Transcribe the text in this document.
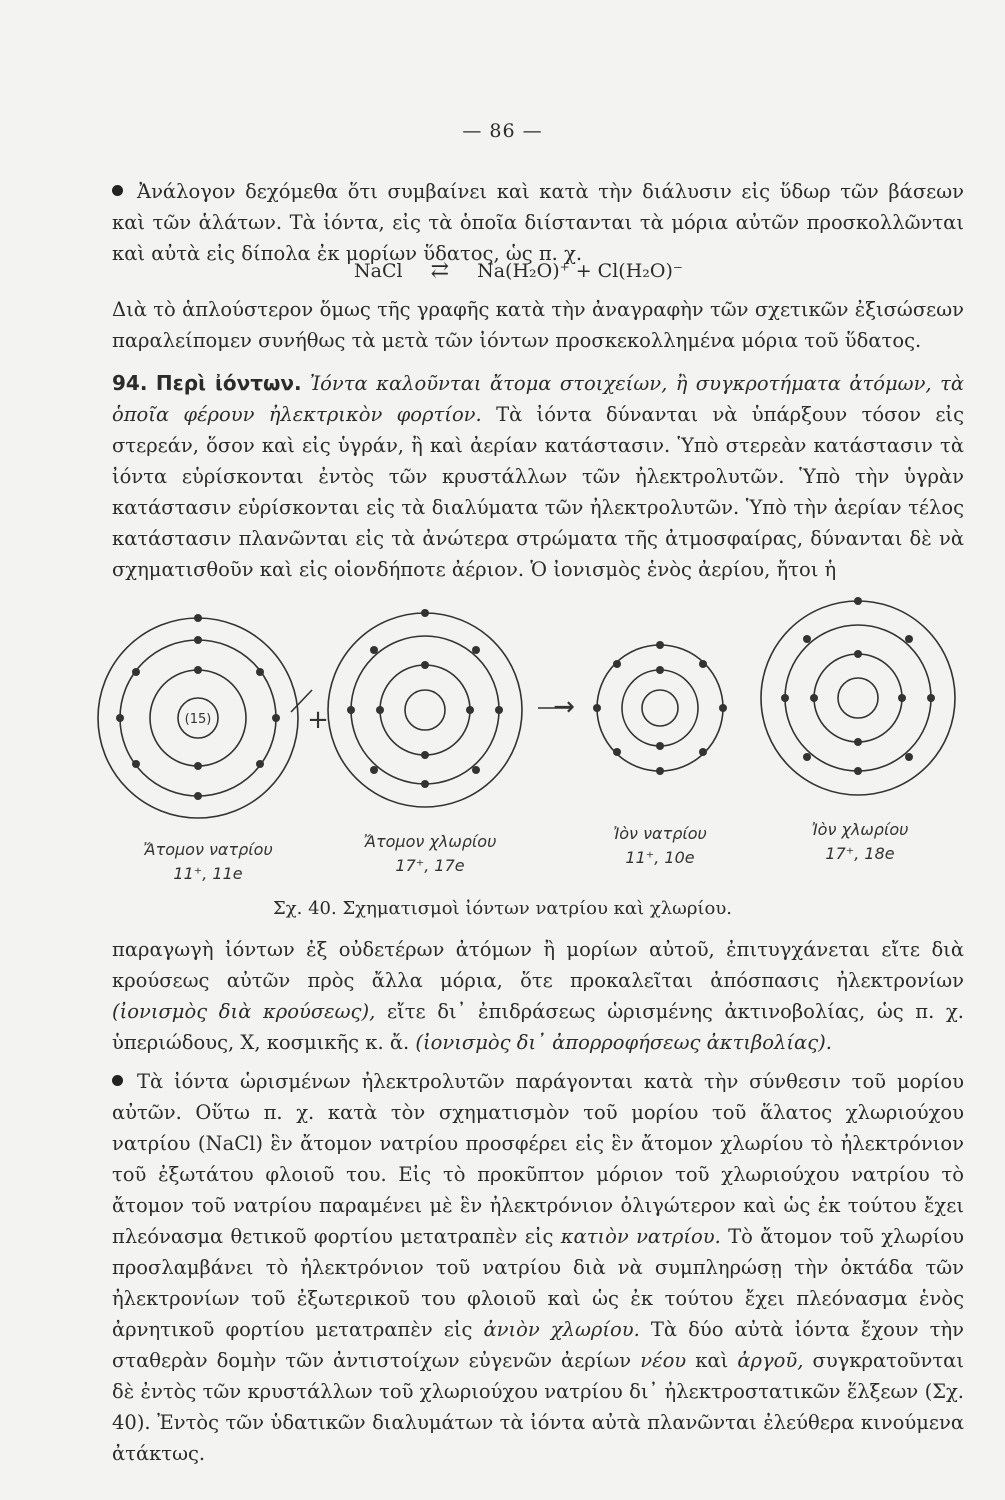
— 86 —
Ἀνάλογον δεχόμεθα ὅτι συμβαίνει καὶ κατὰ τὴν διάλυσιν εἰς ὕδωρ τῶν βάσεων καὶ τῶν ἁλάτων. Τὰ ἰόντα, εἰς τὰ ὁποῖα διίστανται τὰ μόρια αὐτῶν προσκολλῶνται καὶ αὐτὰ εἰς δίπολα ἐκ μορίων ὕδατος, ὡς π. χ.
NaCl ⇄ Na(H₂O)⁺ + Cl(H₂O)⁻
Διὰ τὸ ἁπλούστερον ὅμως τῆς γραφῆς κατὰ τὴν ἀναγραφὴν τῶν σχετικῶν ἐξισώσεων παραλείπομεν συνήθως τὰ μετὰ τῶν ἰόντων προσκεκολλημένα μόρια τοῦ ὕδατος.
94. Περὶ ἰόντων. Ἰόντα καλοῦνται ἄτομα στοιχείων, ἢ συγκροτήματα ἀτόμων, τὰ ὁποῖα φέρουν ἠλεκτρικὸν φορτίον. Τὰ ἰόντα δύνανται νὰ ὑπάρξουν τόσον εἰς στερεάν, ὅσον καὶ εἰς ὑγράν, ἢ καὶ ἀερίαν κατάστασιν. Ὑπὸ στερεὰν κατάστασιν τὰ ἰόντα εὑρίσκονται ἐντὸς τῶν κρυστάλλων τῶν ἠλεκτρολυτῶν. Ὑπὸ τὴν ὑγρὰν κατάστασιν εὑρίσκονται εἰς τὰ διαλύματα τῶν ἠλεκτρολυτῶν. Ὑπὸ τὴν ἀερίαν τέλος κατάστασιν πλανῶνται εἰς τὰ ἀνώτερα στρώματα τῆς ἀτμοσφαίρας, δύνανται δὲ νὰ σχηματισθοῦν καὶ εἰς οἱονδήποτε ἀέριον. Ὁ ἰονισμὸς ἑνὸς ἀερίου, ἤτοι ἡ
(15)	+	→
Ἄτομον νατρίου
11⁺, 11e
Ἄτομον χλωρίου
17⁺, 17e
Ἰὸν νατρίου
11⁺, 10e
Ἰὸν χλωρίου
17⁺, 18e
Σχ. 40. Σχηματισμοὶ ἰόντων νατρίου καὶ χλωρίου.
παραγωγὴ ἰόντων ἐξ οὐδετέρων ἀτόμων ἢ μορίων αὐτοῦ, ἐπιτυγχάνεται εἴτε διὰ κρούσεως αὐτῶν πρὸς ἄλλα μόρια, ὅτε προκαλεῖται ἀπόσπασις ἠλεκτρονίων (ἰονισμὸς διὰ κρούσεως), εἴτε δι᾽ ἐπιδράσεως ὡρισμένης ἀκτινοβολίας, ὡς π. χ. ὑπεριώδους, Χ, κοσμικῆς κ. ἄ. (ἰονισμὸς δι᾽ ἀπορροφήσεως ἀκτιβολίας).
Τὰ ἰόντα ὡρισμένων ἠλεκτρολυτῶν παράγονται κατὰ τὴν σύνθεσιν τοῦ μορίου αὐτῶν. Οὕτω π. χ. κατὰ τὸν σχηματισμὸν τοῦ μορίου τοῦ ἅλατος χλωριούχου νατρίου (NaCl) ἓν ἄτομον νατρίου προσφέρει εἰς ἓν ἄτομον χλωρίου τὸ ἠλεκτρόνιον τοῦ ἐξωτάτου φλοιοῦ του. Εἰς τὸ προκῦπτον μόριον τοῦ χλωριούχου νατρίου τὸ ἄτομον τοῦ νατρίου παραμένει μὲ ἓν ἠλεκτρόνιον ὀλιγώτερον καὶ ὡς ἐκ τούτου ἔχει πλεόνασμα θετικοῦ φορτίου μετατραπὲν εἰς κατιὸν νατρίου. Τὸ ἄτομον τοῦ χλωρίου προσλαμβάνει τὸ ἠλεκτρόνιον τοῦ νατρίου διὰ νὰ συμπληρώσῃ τὴν ὀκτάδα τῶν ἠλεκτρονίων τοῦ ἐξωτερικοῦ του φλοιοῦ καὶ ὡς ἐκ τούτου ἔχει πλεόνασμα ἑνὸς ἀρνητικοῦ φορτίου μετατραπὲν εἰς ἀνιὸν χλωρίου. Τὰ δύο αὐτὰ ἰόντα ἔχουν τὴν σταθερὰν δομὴν τῶν ἀντιστοίχων εὐγενῶν ἀερίων νέου καὶ ἀργοῦ, συγκρατοῦνται δὲ ἐντὸς τῶν κρυστάλλων τοῦ χλωριούχου νατρίου δι᾽ ἠλεκτροστατικῶν ἕλξεων (Σχ. 40). Ἐντὸς τῶν ὑδατικῶν διαλυμάτων τὰ ἰόντα αὐτὰ πλανῶνται ἐλεύθερα κινούμενα ἀτάκτως.
